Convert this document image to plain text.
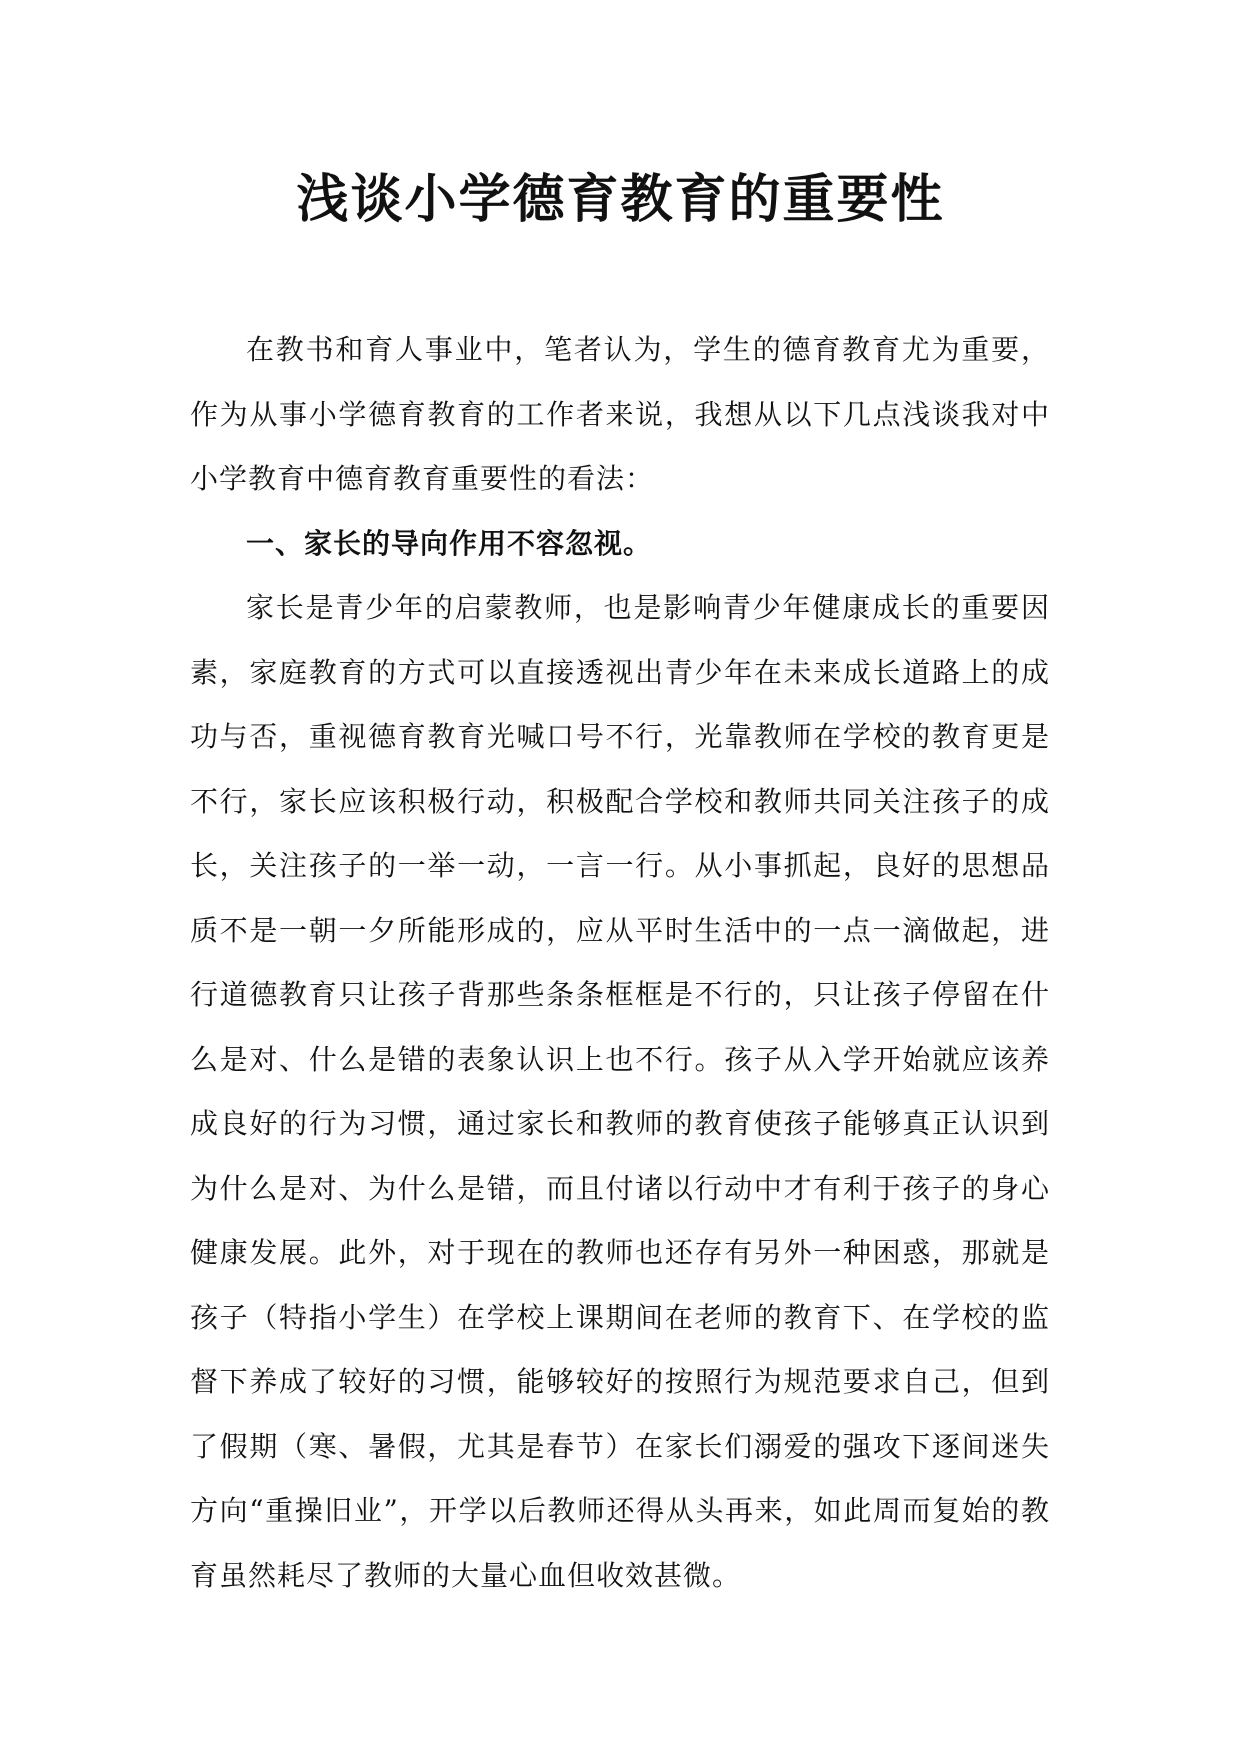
浅谈小学德育教育的重要性

在教书和育人事业中，笔者认为，学生的德育教育尤为重要，作为从事小学德育教育的工作者来说，我想从以下几点浅谈我对中小学教育中德育教育重要性的看法：

一、家长的导向作用不容忽视。

家长是青少年的启蒙教师，也是影响青少年健康成长的重要因素，家庭教育的方式可以直接透视出青少年在未来成长道路上的成功与否，重视德育教育光喊口号不行，光靠教师在学校的教育更是不行，家长应该积极行动，积极配合学校和教师共同关注孩子的成长，关注孩子的一举一动，一言一行。从小事抓起，良好的思想品质不是一朝一夕所能形成的，应从平时生活中的一点一滴做起，进行道德教育只让孩子背那些条条框框是不行的，只让孩子停留在什么是对、什么是错的表象认识上也不行。孩子从入学开始就应该养成良好的行为习惯，通过家长和教师的教育使孩子能够真正认识到为什么是对、为什么是错，而且付诸以行动中才有利于孩子的身心健康发展。此外，对于现在的教师也还存有另外一种困惑，那就是孩子（特指小学生）在学校上课期间在老师的教育下、在学校的监督下养成了较好的习惯，能够较好的按照行为规范要求自己，但到了假期（寒、暑假，尤其是春节）在家长们溺爱的强攻下逐间迷失方向“重操旧业”，开学以后教师还得从头再来，如此周而复始的教育虽然耗尽了教师的大量心血但收效甚微。
